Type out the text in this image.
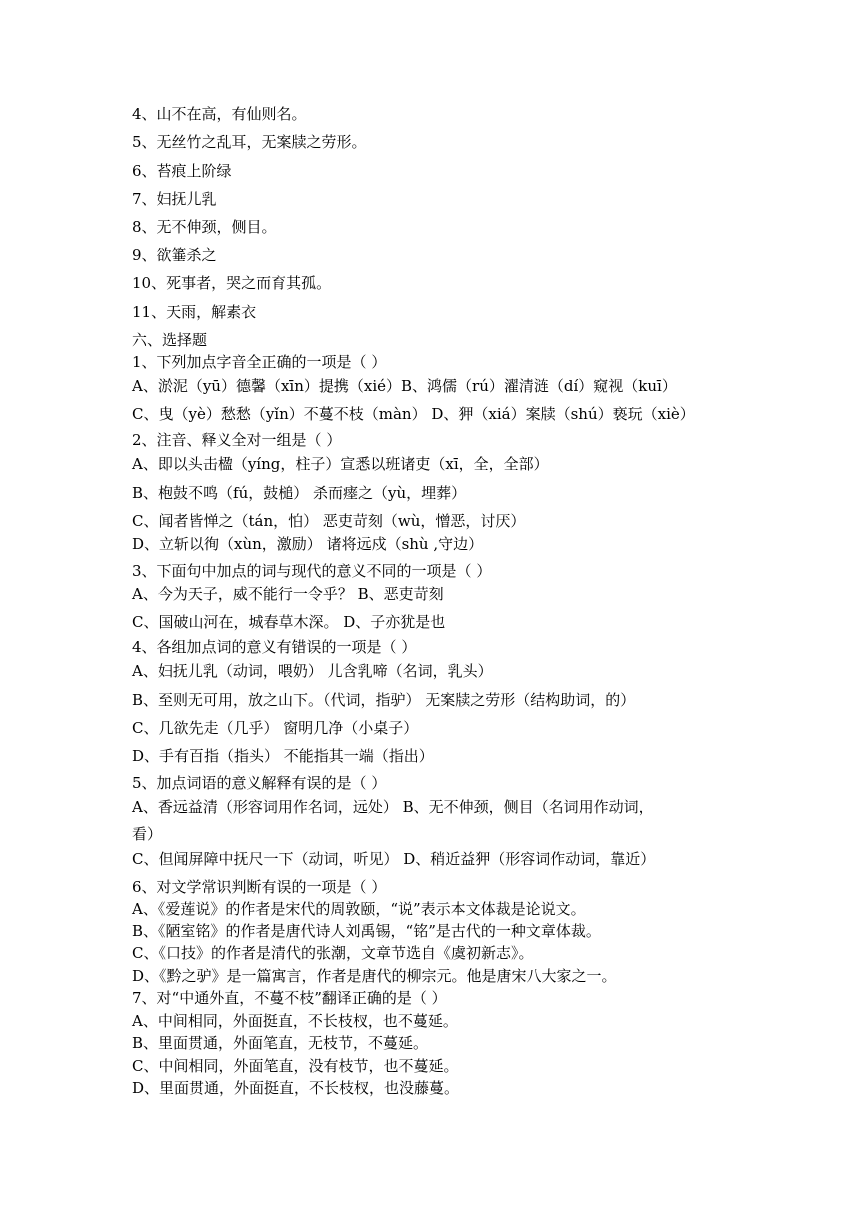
4、山不在高，有仙则名。
5、无丝竹之乱耳，无案牍之劳形。
6、苔痕上阶绿
7、妇抚儿乳
8、无不伸颈，侧目。
9、欲箠杀之
10、死事者，哭之而育其孤。
11、天雨，解素衣
六、选择题
1、下列加点字音全正确的一项是（ ）
A、淤泥（yū）德馨（xīn）提携（xié）B、鸿儒（rú）濯清涟（dí）窥视（kuī）
C、曳（yè）愁愁（yǐn）不蔓不枝（màn） D、狎（xiá）案牍（shú）亵玩（xiè）
2、注音、释义全对一组是（ ）
A、即以头击楹（yíng，柱子）宣悉以班诸吏（xī，全，全部）
B、枹鼓不鸣（fú，鼓槌） 杀而瘗之（yù，埋葬）
C、闻者皆惮之（tán，怕） 恶吏苛刻（wù，憎恶，讨厌）
D、立斩以徇（xùn，激励） 诸将远戍（shù ,守边）
3、下面句中加点的词与现代的意义不同的一项是（ ）
A、今为天子，威不能行一令乎？ B、恶吏苛刻
C、国破山河在，城春草木深。 D、子亦犹是也
4、各组加点词的意义有错误的一项是（ ）
A、妇抚儿乳（动词，喂奶） 儿含乳啼（名词，乳头）
B、至则无可用，放之山下。（代词，指驴） 无案牍之劳形（结构助词，的）
C、几欲先走（几乎） 窗明几净（小桌子）
D、手有百指（指头） 不能指其一端（指出）
5、加点词语的意义解释有误的是（ ）
A、香远益清（形容词用作名词，远处） B、无不伸颈，侧目（名词用作动词，
看）
C、但闻屏障中抚尺一下（动词，听见） D、稍近益狎（形容词作动词，靠近）
6、对文学常识判断有误的一项是（ ）
A、《爱莲说》的作者是宋代的周敦颐，“说”表示本文体裁是论说文。
B、《陋室铭》的作者是唐代诗人刘禹锡，“铭”是古代的一种文章体裁。
C、《口技》的作者是清代的张潮，文章节选自《虞初新志》。
D、《黔之驴》是一篇寓言，作者是唐代的柳宗元。他是唐宋八大家之一。
7、对“中通外直，不蔓不枝”翻译正确的是（ ）
A、中间相同，外面挺直，不长枝杈，也不蔓延。
B、里面贯通，外面笔直，无枝节，不蔓延。
C、中间相同，外面笔直，没有枝节，也不蔓延。
D、里面贯通，外面挺直，不长枝杈，也没藤蔓。
